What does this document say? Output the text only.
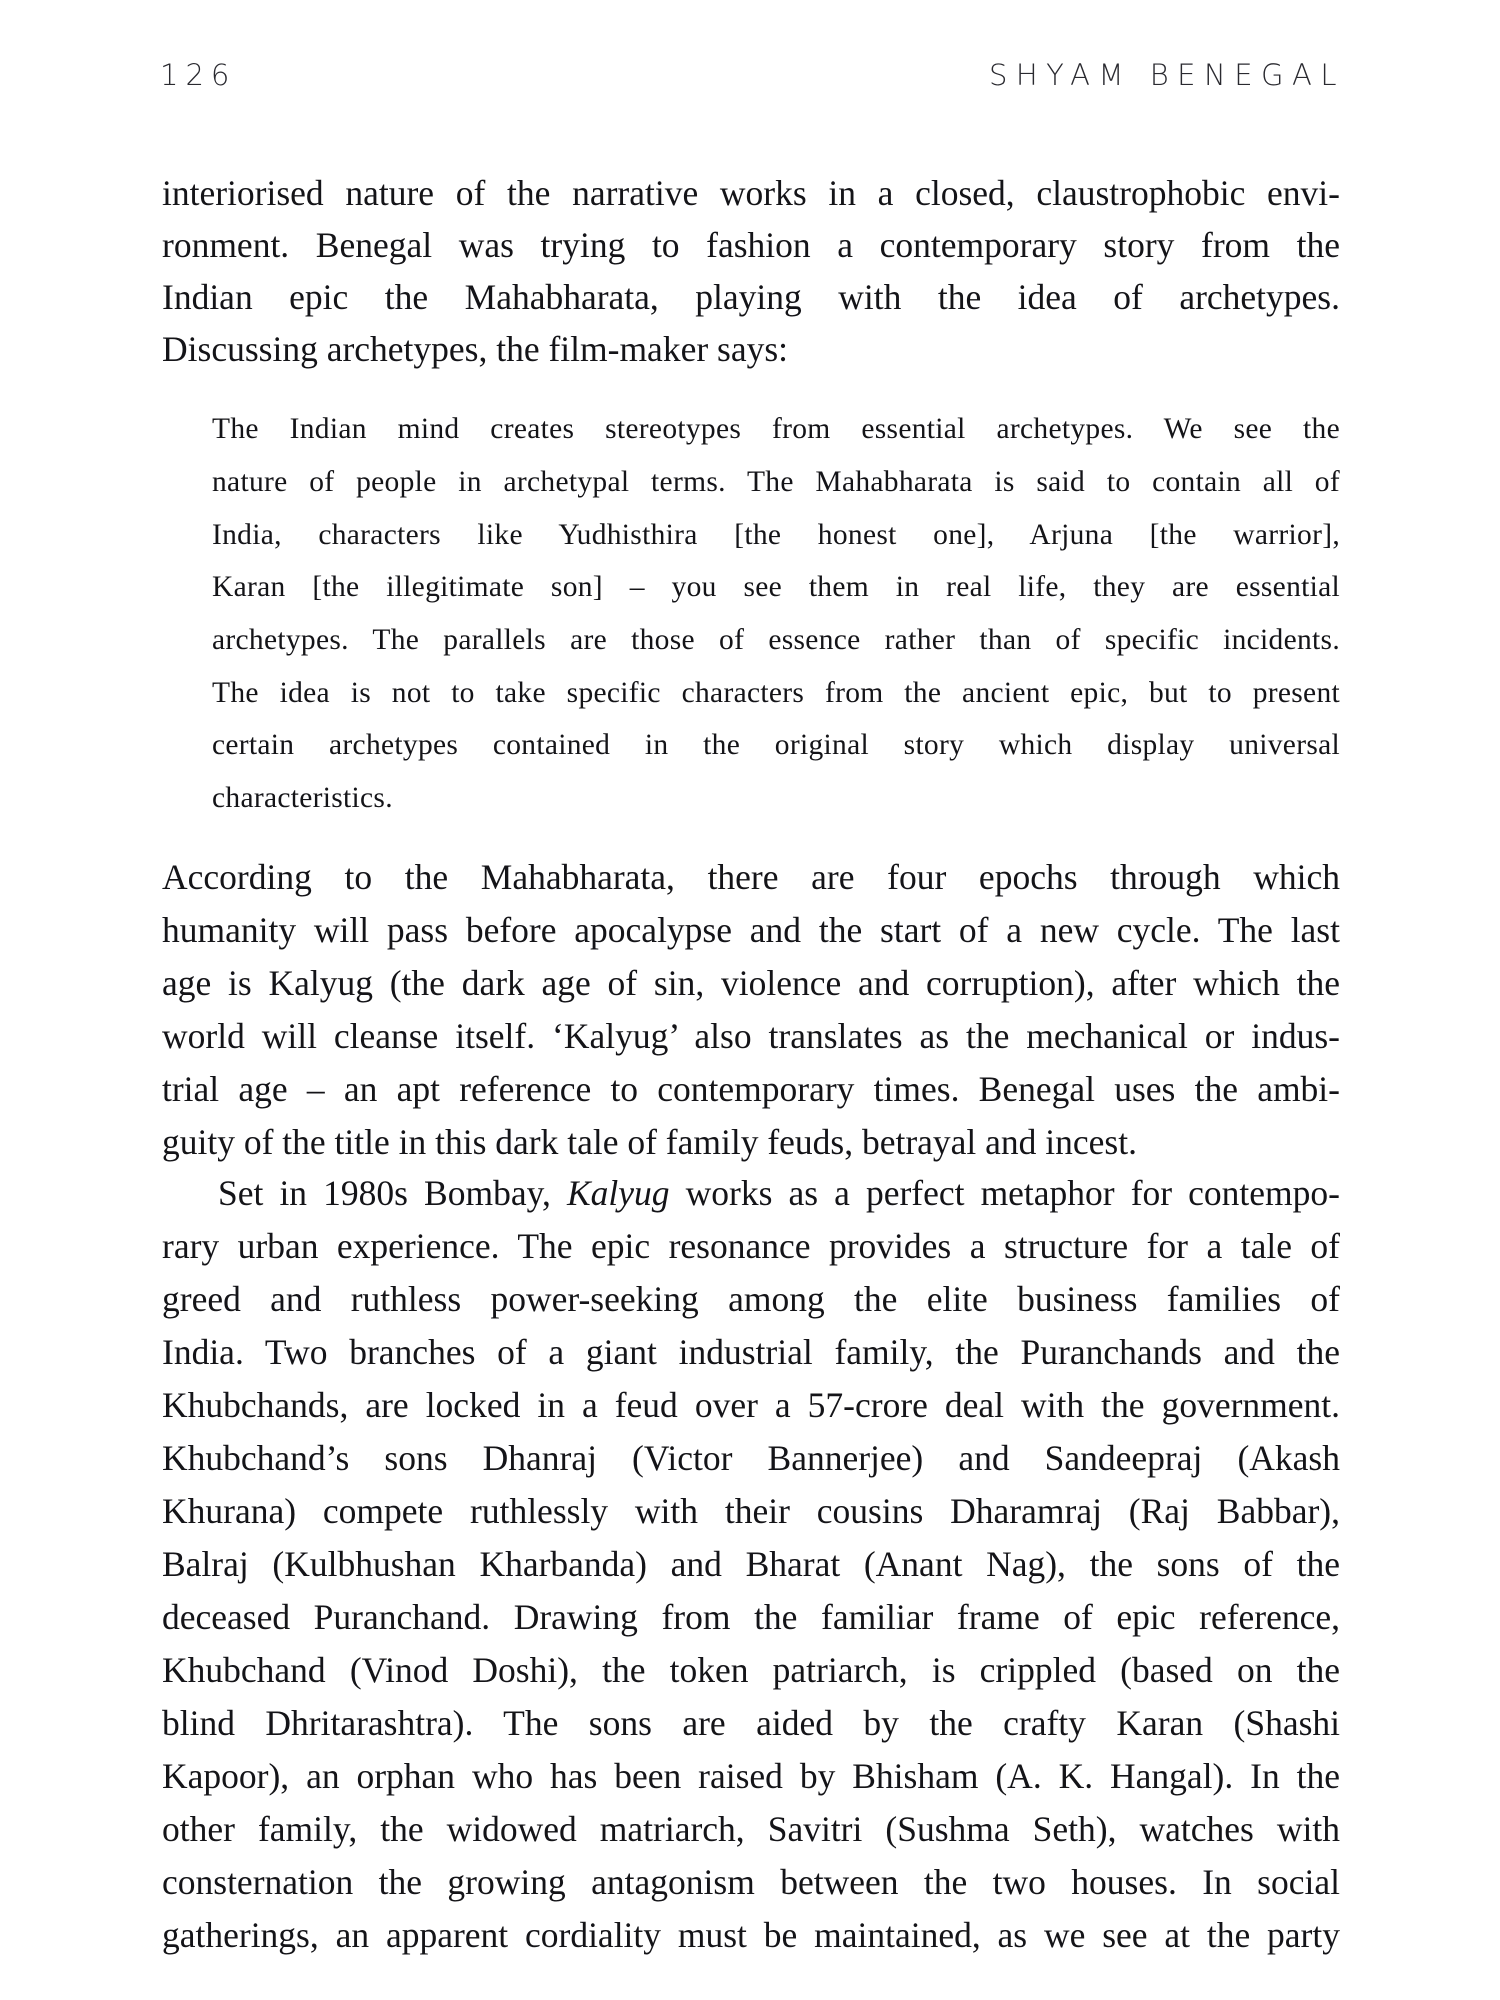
126	SHYAM BENEGAL
interiorised nature of the narrative works in a closed, claustrophobic envi-
ronment. Benegal was trying to fashion a contemporary story from the
Indian epic the Mahabharata, playing with the idea of archetypes.
Discussing archetypes, the film-maker says:
The Indian mind creates stereotypes from essential archetypes. We see the
nature of people in archetypal terms. The Mahabharata is said to contain all of
India, characters like Yudhisthira [the honest one], Arjuna [the warrior],
Karan [the illegitimate son] – you see them in real life, they are essential
archetypes. The parallels are those of essence rather than of specific incidents.
The idea is not to take specific characters from the ancient epic, but to present
certain archetypes contained in the original story which display universal
characteristics.
According to the Mahabharata, there are four epochs through which
humanity will pass before apocalypse and the start of a new cycle. The last
age is Kalyug (the dark age of sin, violence and corruption), after which the
world will cleanse itself. ‘Kalyug’ also translates as the mechanical or indus-
trial age – an apt reference to contemporary times. Benegal uses the ambi-
guity of the title in this dark tale of family feuds, betrayal and incest.
Set in 1980s Bombay, Kalyug works as a perfect metaphor for contempo-
rary urban experience. The epic resonance provides a structure for a tale of
greed and ruthless power-seeking among the elite business families of
India. Two branches of a giant industrial family, the Puranchands and the
Khubchands, are locked in a feud over a 57-crore deal with the government.
Khubchand’s sons Dhanraj (Victor Bannerjee) and Sandeepraj (Akash
Khurana) compete ruthlessly with their cousins Dharamraj (Raj Babbar),
Balraj (Kulbhushan Kharbanda) and Bharat (Anant Nag), the sons of the
deceased Puranchand. Drawing from the familiar frame of epic reference,
Khubchand (Vinod Doshi), the token patriarch, is crippled (based on the
blind Dhritarashtra). The sons are aided by the crafty Karan (Shashi
Kapoor), an orphan who has been raised by Bhisham (A. K. Hangal). In the
other family, the widowed matriarch, Savitri (Sushma Seth), watches with
consternation the growing antagonism between the two houses. In social
gatherings, an apparent cordiality must be maintained, as we see at the party
